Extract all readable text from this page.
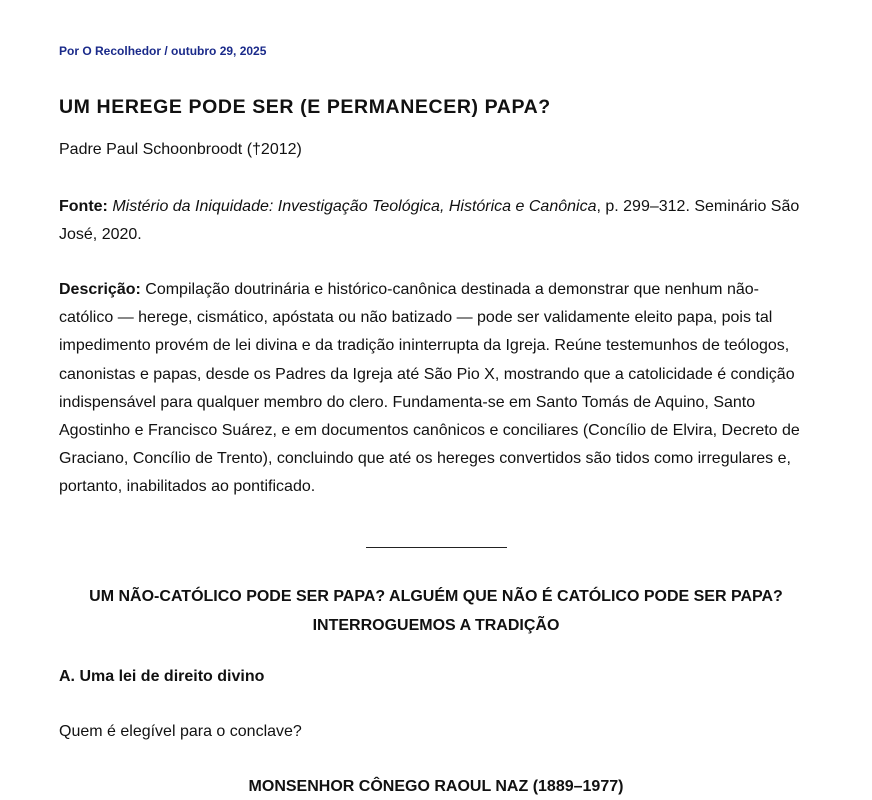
Por O Recolhedor / outubro 29, 2025
UM HEREGE PODE SER (E PERMANECER) PAPA?

Padre Paul Schoonbroodt (†2012)

Fonte: Mistério da Iniquidade: Investigação Teológica, Histórica e Canônica, p. 299–312. Seminário São José, 2020.

Descrição: Compilação doutrinária e histórico-canônica destinada a demonstrar que nenhum não-católico — herege, cismático, apóstata ou não batizado — pode ser validamente eleito papa, pois tal impedimento provém de lei divina e da tradição ininterrupta da Igreja. Reúne testemunhos de teólogos, canonistas e papas, desde os Padres da Igreja até São Pio X, mostrando que a catolicidade é condição indispensável para qualquer membro do clero. Fundamenta-se em Santo Tomás de Aquino, Santo Agostinho e Francisco Suárez, e em documentos canônicos e conciliares (Concílio de Elvira, Decreto de Graciano, Concílio de Trento), concluindo que até os hereges convertidos são tidos como irregulares e, portanto, inabilitados ao pontificado.

UM NÃO-CATÓLICO PODE SER PAPA? ALGUÉM QUE NÃO É CATÓLICO PODE SER PAPA?
INTERROGUEMOS A TRADIÇÃO
A. Uma lei de direito divino

Quem é elegível para o conclave?

MONSENHOR CÔNEGO RAOUL NAZ (1889–1977)
